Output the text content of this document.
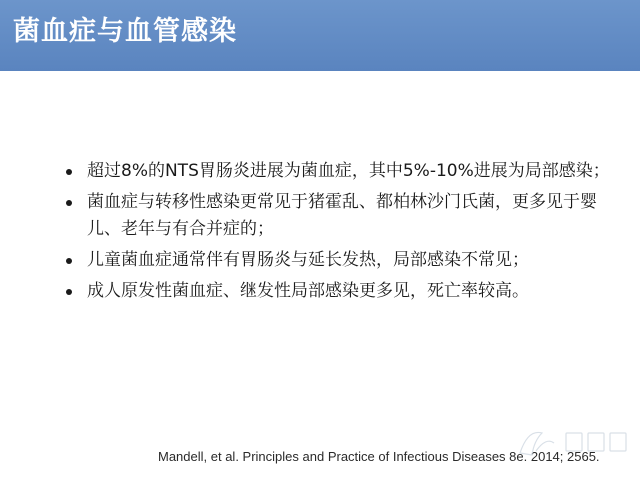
菌血症与血管感染
超过8%的NTS胃肠炎进展为菌血症，其中5%-10%进展为局部感染；
菌血症与转移性感染更常见于猪霍乱、都柏林沙门氏菌，更多见于婴儿、老年与有合并症的；
儿童菌血症通常伴有胃肠炎与延长发热，局部感染不常见；
成人原发性菌血症、继发性局部感染更多见，死亡率较高。
Mandell, et al. Principles and Practice of Infectious Diseases 8e. 2014; 2565.
